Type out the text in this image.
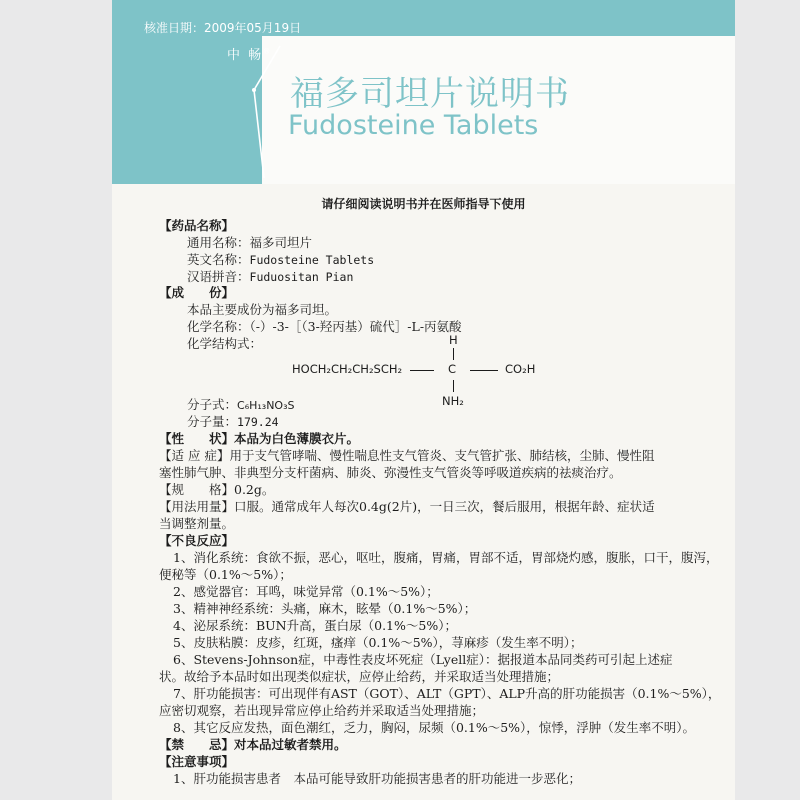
核准日期：2009年05月19日
中 畅®
福多司坦片说明书
Fudosteine Tablets
请仔细阅读说明书并在医师指导下使用
【药品名称】
通用名称：福多司坦片
英文名称：Fudosteine Tablets
汉语拼音：Fuduositan Pian
【成　　份】
本品主要成份为福多司坦。
化学名称：（-）-3-［（3-羟丙基）硫代］-L-丙氨酸
化学结构式：	H
HOCH₂CH₂CH₂SCH₂	C	CO₂H
NH₂
分子式：C₆H₁₃NO₃S
分子量：179.24
【性　　状】本品为白色薄膜衣片。
【适 应 症】用于支气管哮喘、慢性喘息性支气管炎、支气管扩张、肺结核，尘肺、慢性阻
塞性肺气肿、非典型分支杆菌病、肺炎、弥漫性支气管炎等呼吸道疾病的祛痰治疗。
【规　　格】0.2g。
【用法用量】口服。通常成年人每次0.4g(2片)，一日三次，餐后服用，根据年龄、症状适
当调整剂量。
【不良反应】
1、消化系统：食欲不振，恶心，呕吐，腹痛，胃痛，胃部不适，胃部烧灼感，腹胀，口干，腹泻，
便秘等（0.1%～5%）；
2、感觉器官：耳鸣，味觉异常（0.1%～5%）；
3、精神神经系统：头痛，麻木，眩晕（0.1%～5%）；
4、泌尿系统：BUN升高，蛋白尿（0.1%～5%）；
5、皮肤粘膜：皮疹，红斑，瘙痒（0.1%～5%），荨麻疹（发生率不明）；
6、Stevens-Johnson症，中毒性表皮坏死症（Lyell症）：据报道本品同类药可引起上述症
状。故给予本品时如出现类似症状，应停止给药，并采取适当处理措施；
7、肝功能损害：可出现伴有AST（GOT）、ALT（GPT）、ALP升高的肝功能损害（0.1%～5%），
应密切观察，若出现异常应停止给药并采取适当处理措施；
8、其它反应发热，面色潮红，乏力，胸闷，尿频（0.1%～5%），惊悸，浮肿（发生率不明）。
【禁　　忌】对本品过敏者禁用。
【注意事项】
1、肝功能损害患者　本品可能导致肝功能损害患者的肝功能进一步恶化；
